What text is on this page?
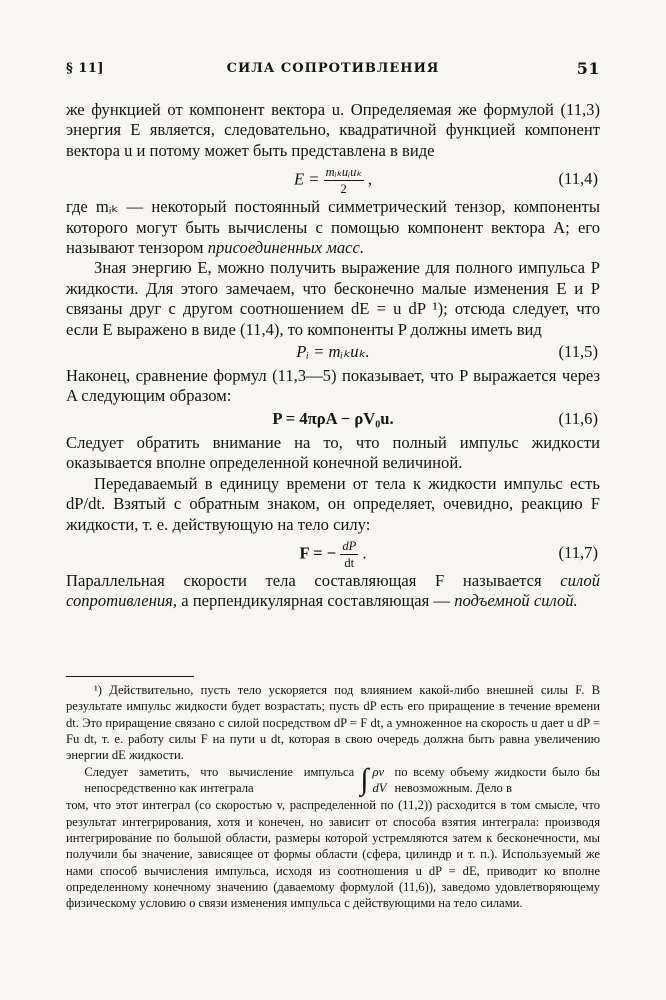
§ 11]	СИЛА СОПРОТИВЛЕНИЯ	51

же функцией от компонент вектора u. Определяемая же формулой (11,3) энергия E является, следовательно, квадратичной функцией компонент вектора u и потому может быть представлена в виде

$E = \frac{\text{mᵢₖuᵢuₖ}}{2}$ ,	(11,4)

где mᵢₖ — некоторый постоянный симметрический тензор, компоненты которого могут быть вычислены с помощью компонент вектора A; его называют тензором присоединенных масс.

Зная энергию E, можно получить выражение для полного импульса P жидкости. Для этого замечаем, что бесконечно малые изменения E и P связаны друг с другом соотношением dE = u dP ¹); отсюда следует, что если E выражено в виде (11,4), то компоненты P должны иметь вид

Pᵢ = mᵢₖuₖ.	(11,5)

Наконец, сравнение формул (11,3—5) показывает, что P выражается через A следующим образом:

P = 4πρA − ρV₀u.	(11,6)

Следует обратить внимание на то, что полный импульс жидкости оказывается вполне определенной конечной величиной.

Передаваемый в единицу времени от тела к жидкости импульс есть dP/dt. Взятый с обратным знаком, он определяет, очевидно, реакцию F жидкости, т. е. действующую на тело силу:

F = − $\frac{dP}{dt}$ .	(11,7)

Параллельная скорости тела составляющая F называется силой сопротивления, а перпендикулярная составляющая — подъемной силой.

¹) Действительно, пусть тело ускоряется под влиянием какой-либо внешней силы F. В результате импульс жидкости будет возрастать; пусть dP есть его приращение в течение времени dt. Это приращение связано с силой посредством dP = F dt, а умноженное на скорость u дает u dP = Fu dt, т. е. работу силы F на пути u dt, которая в свою очередь должна быть равна увеличению энергии dE жидкости.

Следует заметить, что вычисление импульса непосредственно как интеграла	∫ ρv dV

по всему объему жидкости было бы невозможным. Дело в

том, что этот интеграл (со скоростью v, распределенной по (11,2)) расходится в том смысле, что результат интегрирования, хотя и конечен, но зависит от способа взятия интеграла: производя интегрирование по большой области, размеры которой устремляются затем к бесконечности, мы получили бы значение, зависящее от формы области (сфера, цилиндр и т. п.). Используемый же нами способ вычисления импульса, исходя из соотношения u dP = dE, приводит ко вполне определенному конечному значению (даваемому формулой (11,6)), заведомо удовлетворяющему физическому условию о связи изменения импульса с действующими на тело силами.
